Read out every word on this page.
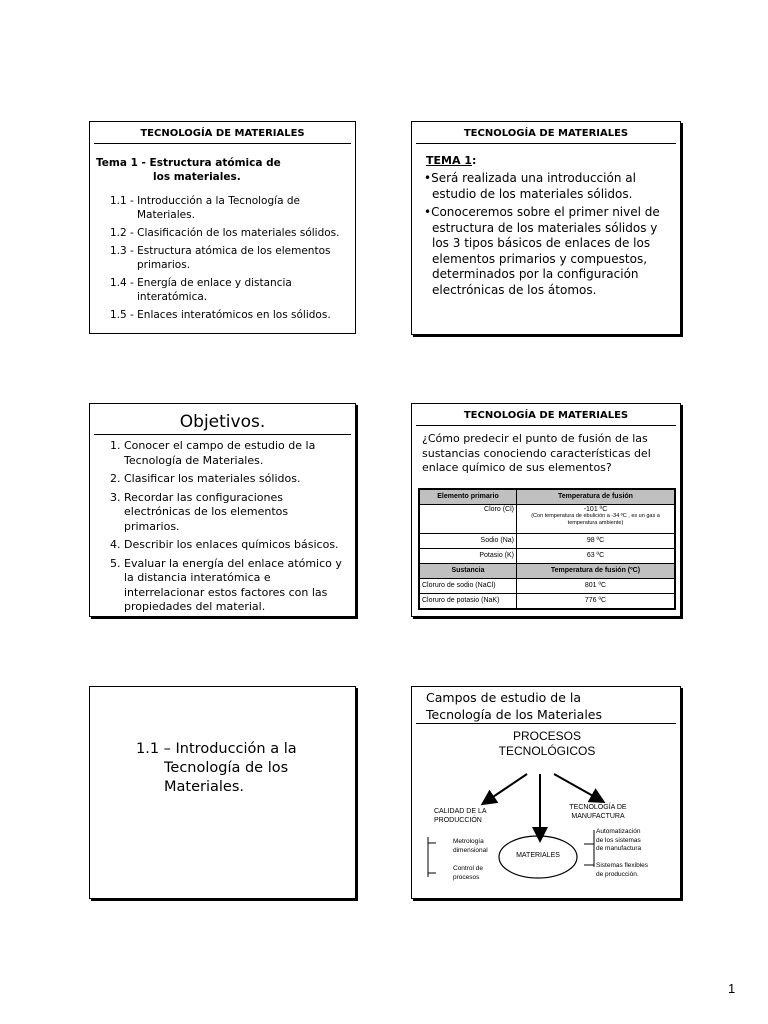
TECNOLOGÍA DE MATERIALES
Tema 1 - Estructura atómica de
los materiales.
1.1 - Introducción a la Tecnología de
Materiales.
1.2 - Clasificación de los materiales sólidos.
1.3 - Estructura atómica de los elementos
primarios.
1.4 - Energía de enlace y distancia
interatómica.
1.5 - Enlaces interatómicos en los sólidos.
TECNOLOGÍA DE MATERIALES
TEMA 1:
•Será realizada una introducción al estudio de los materiales sólidos.
•Conoceremos sobre el primer nivel de estructura de los materiales sólidos y los 3 tipos básicos de enlaces de los elementos primarios y compuestos, determinados por la configuración electrónicas de los átomos.
Objetivos.
1. Conocer el campo de estudio de la Tecnología de Materiales.
2. Clasificar los materiales sólidos.
3. Recordar las configuraciones electrónicas de los elementos primarios.
4. Describir los enlaces químicos básicos.
5. Evaluar la energía del enlace atómico y la distancia interatómica e interrelacionar estos factores con las propiedades del material.
TECNOLOGÍA DE MATERIALES
¿Cómo predecir el punto de fusión de las sustancias conociendo características del enlace químico de sus elementos?
Elemento primario	Temperatura de fusión
Cloro (Cl)	-101 ºC
(Con temperatura de ebulición a -34 ºC , es un gas a temperatura ambiente)

Sodio (Na)	98 ºC
Potasio (K)	63 ºC
Sustancia	Temperatura de fusión (ºC)
Cloruro de sodio (NaCl)	801 ºC
Cloruro de potasio (NaK)	776 ºC
1.1 – Introducción a la
Tecnología de los
Materiales.
Campos de estudio de la
Tecnología de los Materiales
PROCESOS
TECNOLÓGICOS
CALIDAD DE LA
PRODUCCIÓN
TECNOLOGÍA DE
MANUFACTURA
MATERIALES
Metrología
dimensional
Control de
procesos
Automatización
de los sistemas
de manufactura
Sistemas flexibles
de producción.
1
